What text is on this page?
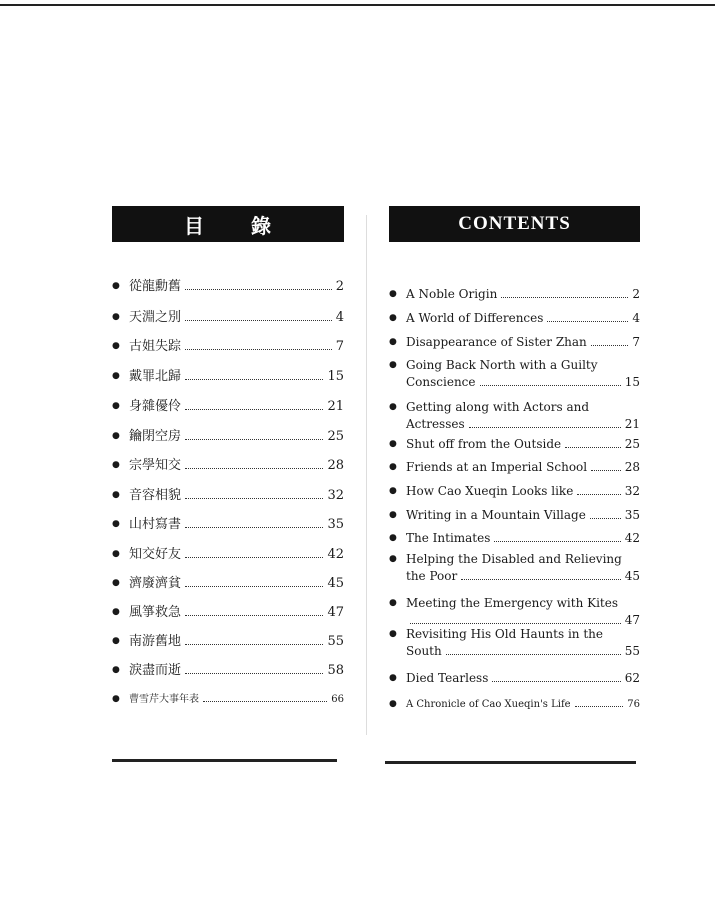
目 錄
● 從龍勳舊	2
● 天淵之別	4
● 古姐失踪	7
● 戴罪北歸	15
● 身雜優伶	21
● 鑰閉空房	25
● 宗學知交	28
● 音容相貌	32
● 山村寫書	35
● 知交好友	42
● 濟廢濟貧	45
● 風箏救急	47
● 南游舊地	55
● 淚盡而逝	58
● 曹雪芹大事年表	66
CONTENTS
● A Noble Origin	2
● A World of Differences	4
● Disappearance of Sister Zhan	7
● Going Back North with a Guilty
Conscience	15
● Getting along with Actors and
Actresses	21
● Shut off from the Outside	25
● Friends at an Imperial School	28
● How Cao Xueqin Looks like	32
● Writing in a Mountain Village	35
● The Intimates	42
● Helping the Disabled and Relieving
the Poor	45
● Meeting the Emergency with Kites
47
● Revisiting His Old Haunts in the
South	55
● Died Tearless	62
● A Chronicle of Cao Xueqin's Life	76
